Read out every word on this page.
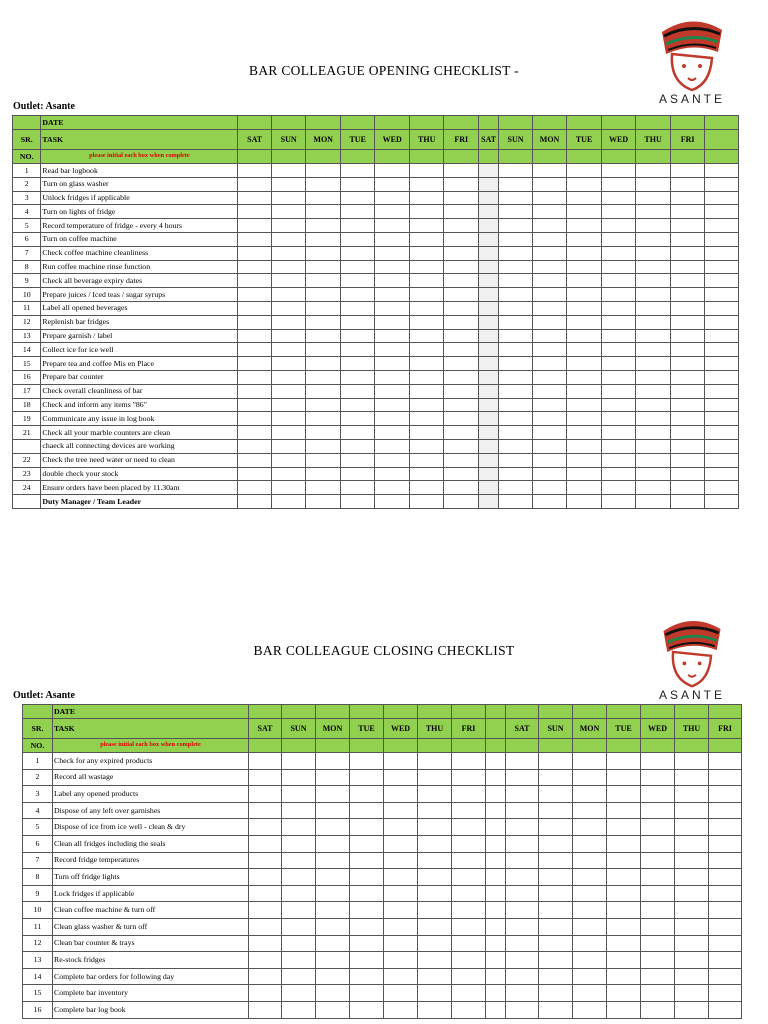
BAR COLLEAGUE OPENING CHECKLIST -
Outlet: Asante
ASANTE
	DATE															
SR.	TASK	SAT	SUN	MON	TUE	WED	THU	FRI	SAT	SUN	MON	TUE	WED	THU	FRI	
NO.	please initial each box when complete															
1	Read bar logbook															
2	Turn on glass washer															
3	Unlock fridges if applicable															
4	Turn on lights of fridge															
5	Record temperature of fridge - every 4 hours															
6	Turn on coffee machine															
7	Check coffee machine cleanliness															
8	Run coffee machine rinse function															
9	Check all beverage expiry dates															
10	Prepare juices / Iced teas / sugar syrups															
11	Label all opened beverages															
12	Replenish bar fridges															
13	Prepare garnish / label															
14	Collect ice for ice well															
15	Prepare tea and coffee Mis en Place															
16	Prepare bar counter															
17	Check overall cleanliness of bar															
18	Check and inform any items "86"															
19	Communicate any issue in log book															
21	Check all your marble counters are clean															
	chaeck all connecting devices are working															
22	Check the tree need water or need to clean															
23	double check your stock															
24	Ensure orders have been placed by 11.30am															
	Duty Manager / Team Leader															
BAR COLLEAGUE CLOSING CHECKLIST
Outlet: Asante	ASANTE
	DATE															
SR.	TASK	SAT	SUN	MON	TUE	WED	THU	FRI		SAT	SUN	MON	TUE	WED	THU	FRI
NO.	please initial each box when complete															
1	Check for any expired products															
2	Record all wastage															
3	Label any opened products															
4	Dispose of any left over garnishes															
5	Dispose of ice from ice well - clean & dry															
6	Clean all fridges including the seals															
7	Record fridge temperatures															
8	Turn off fridge lights															
9	Lock fridges if applicable															
10	Clean coffee machine & turn off															
11	Clean glass washer & turn off															
12	Clean bar counter & trays															
13	Re-stock fridges															
14	Complete bar orders for following day															
15	Complete bar inventory															
16	Complete bar log book															
